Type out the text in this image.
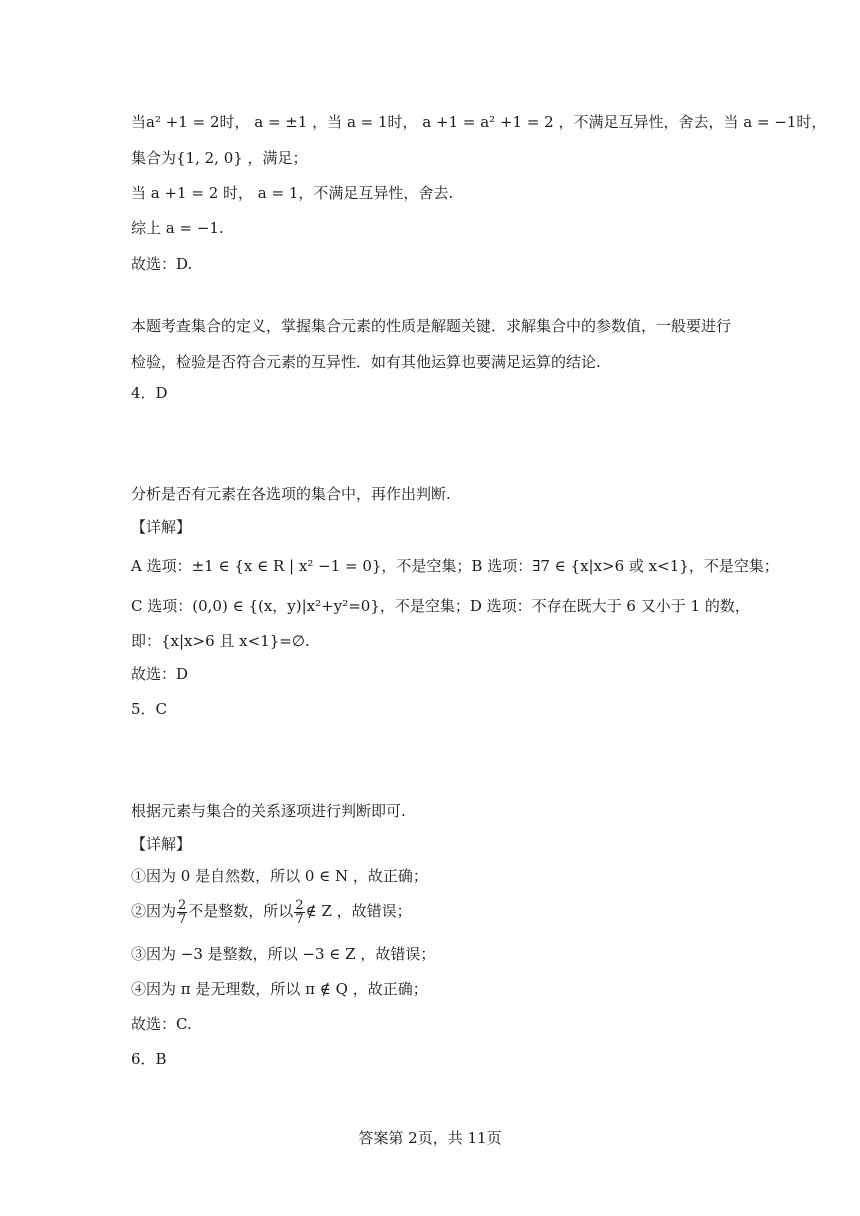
当a² +1 = 2时， a = ±1 ，当 a = 1时， a +1 = a² +1 = 2 ，不满足互异性，舍去，当 a = −1时，
集合为{1, 2, 0} ，满足；
当 a +1 = 2 时， a = 1，不满足互异性，舍去.
综上 a = −1.
故选：D.
本题考查集合的定义，掌握集合元素的性质是解题关键．求解集合中的参数值，一般要进行
检验，检验是否符合元素的互异性．如有其他运算也要满足运算的结论.
4．D
分析是否有元素在各选项的集合中，再作出判断.
【详解】
A 选项：±1 ∈ {x ∈ R | x² −1 = 0}，不是空集；B 选项：∃7 ∈ {x|x>6 或 x<1}，不是空集；
C 选项：(0,0) ∈ {(x，y)|x²+y²=0}，不是空集；D 选项：不存在既大于 6 又小于 1 的数，
即：{x|x>6 且 x<1}=∅.
故选：D
5．C
根据元素与集合的关系逐项进行判断即可.
【详解】
①因为 0 是自然数，所以 0 ∈ N ，故正确；
②因为 $\frac{2}{7}$ 不是整数，所以 $\frac{2}{7}$ ∉ Z ，故错误；
③因为 −3 是整数，所以 −3 ∈ Z ，故错误；
④因为 π 是无理数，所以 π ∉ Q ，故正确；
故选：C.
6．B
答案第 2页，共 11页
